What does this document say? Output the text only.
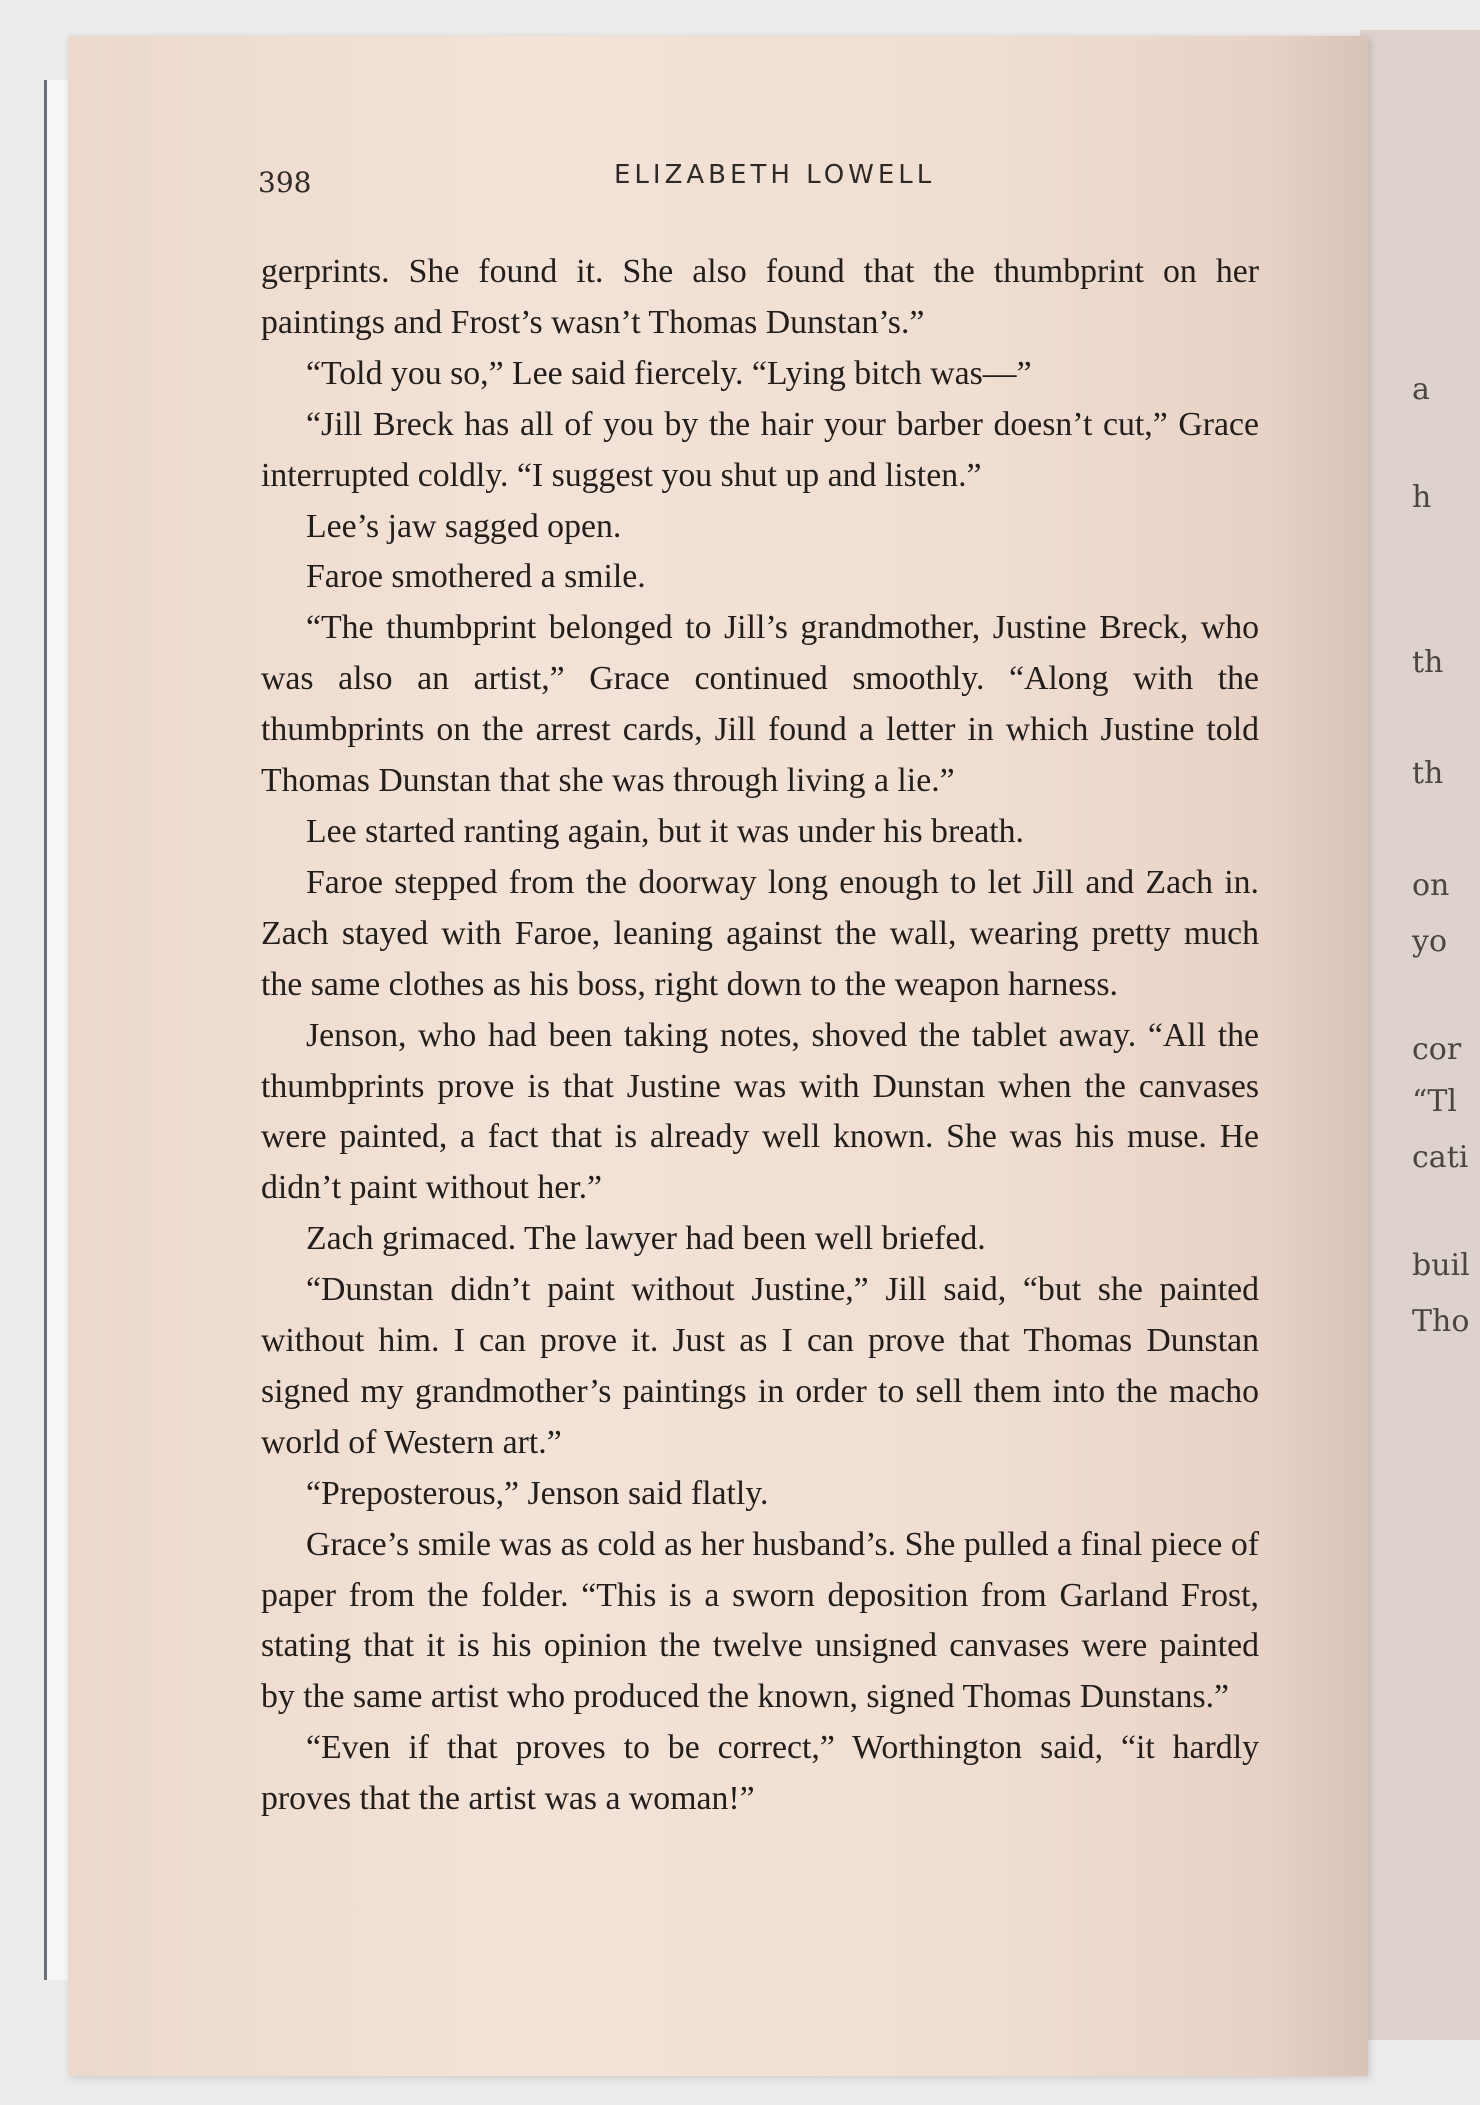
a
h
th
th
on
yo
cor
“Tl
cati
buil
Tho
398	ELIZABETH LOWELL

gerprints. She found it. She also found that the thumbprint on her paintings and Frost’s wasn’t Thomas Dunstan’s.”

“Told you so,” Lee said fiercely. “Lying bitch was—”

“Jill Breck has all of you by the hair your barber doesn’t cut,” Grace interrupted coldly. “I suggest you shut up and listen.”

Lee’s jaw sagged open.

Faroe smothered a smile.

“The thumbprint belonged to Jill’s grandmother, Justine Breck, who was also an artist,” Grace continued smoothly. “Along with the thumbprints on the arrest cards, Jill found a letter in which Justine told Thomas Dunstan that she was through living a lie.”

Lee started ranting again, but it was under his breath.

Faroe stepped from the doorway long enough to let Jill and Zach in. Zach stayed with Faroe, leaning against the wall, wearing pretty much the same clothes as his boss, right down to the weapon harness.

Jenson, who had been taking notes, shoved the tablet away. “All the thumbprints prove is that Justine was with Dunstan when the canvases were painted, a fact that is already well known. She was his muse. He didn’t paint without her.”

Zach grimaced. The lawyer had been well briefed.

“Dunstan didn’t paint without Justine,” Jill said, “but she painted without him. I can prove it. Just as I can prove that Thomas Dunstan signed my grandmother’s paintings in order to sell them into the macho world of Western art.”

“Preposterous,” Jenson said flatly.

Grace’s smile was as cold as her husband’s. She pulled a final piece of paper from the folder. “This is a sworn deposition from Garland Frost, stating that it is his opinion the twelve unsigned canvases were painted by the same artist who produced the known, signed Thomas Dunstans.”

“Even if that proves to be correct,” Worthington said, “it hardly proves that the artist was a woman!”
